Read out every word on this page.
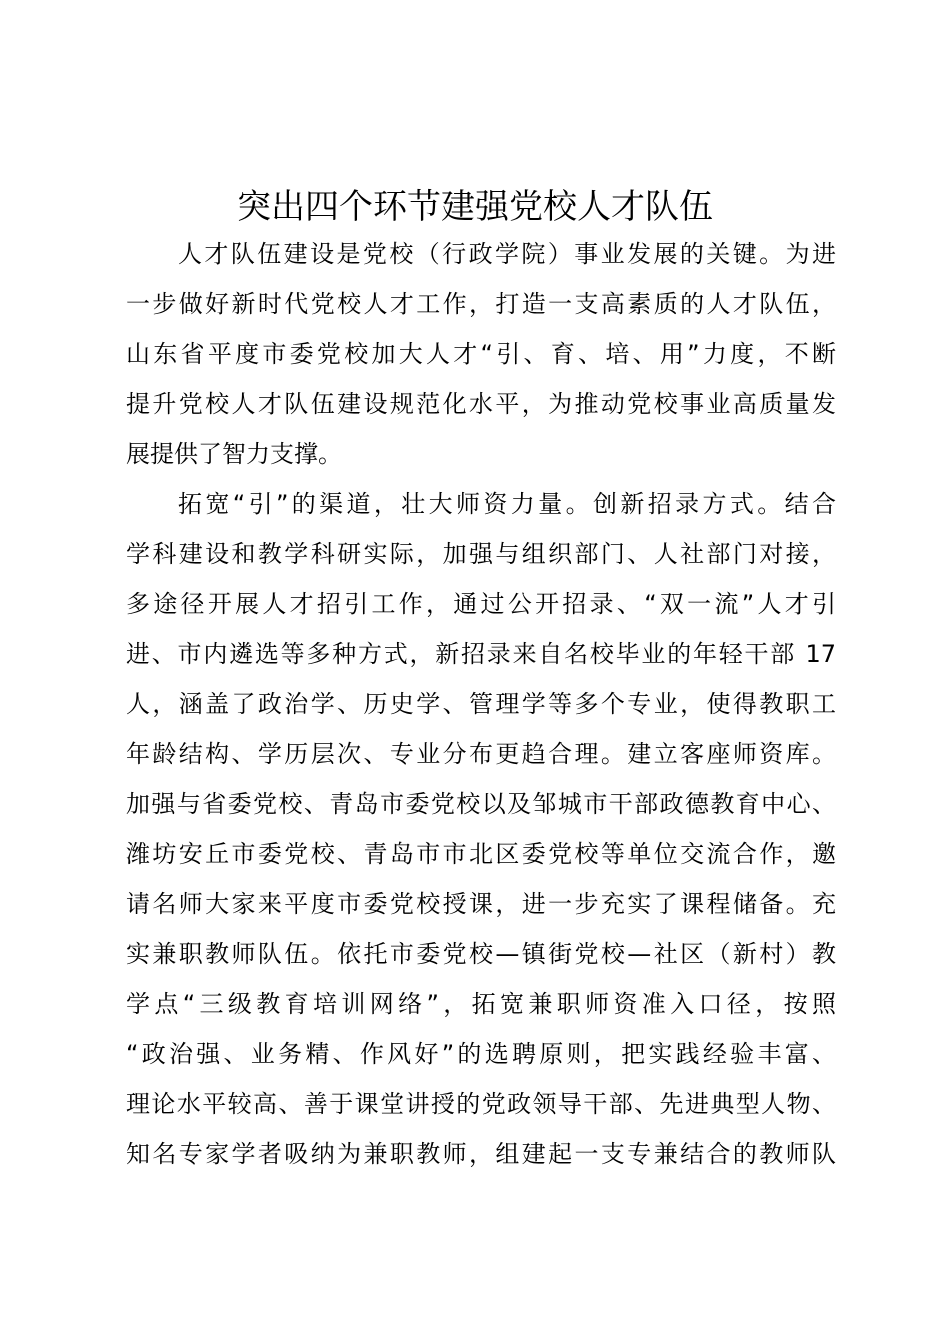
突出四个环节建强党校人才队伍
人才队伍建设是党校（行政学院）事业发展的关键。为进
一步做好新时代党校人才工作，打造一支高素质的人才队伍，
山东省平度市委党校加大人才“引、育、培、用”力度，不断
提升党校人才队伍建设规范化水平，为推动党校事业高质量发
展提供了智力支撑。
拓宽“引”的渠道，壮大师资力量。创新招录方式。结合
学科建设和教学科研实际，加强与组织部门、人社部门对接，
多途径开展人才招引工作，通过公开招录、“双一流”人才引
进、市内遴选等多种方式，新招录来自名校毕业的年轻干部 17
人，涵盖了政治学、历史学、管理学等多个专业，使得教职工
年龄结构、学历层次、专业分布更趋合理。建立客座师资库。
加强与省委党校、青岛市委党校以及邹城市干部政德教育中心、
潍坊安丘市委党校、青岛市市北区委党校等单位交流合作，邀
请名师大家来平度市委党校授课，进一步充实了课程储备。充
实兼职教师队伍。依托市委党校—镇街党校—社区（新村）教
学点“三级教育培训网络”，拓宽兼职师资准入口径，按照
“政治强、业务精、作风好”的选聘原则，把实践经验丰富、
理论水平较高、善于课堂讲授的党政领导干部、先进典型人物、
知名专家学者吸纳为兼职教师，组建起一支专兼结合的教师队
